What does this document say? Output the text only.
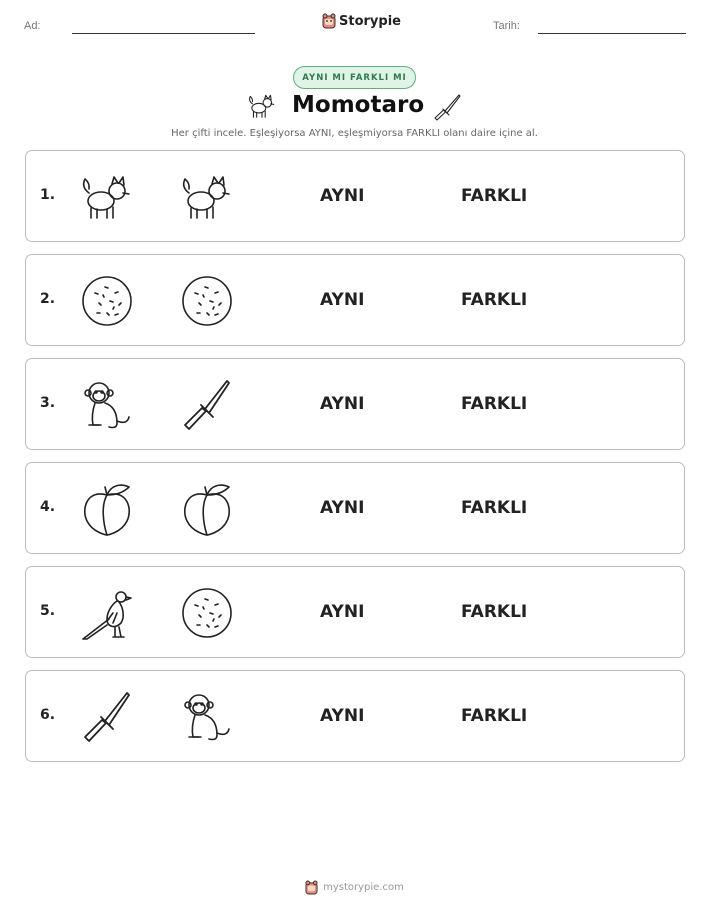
Ad:	Storypie	Tarih:
AYNI MI FARKLI MI
Momotaro
Her çifti incele. Eşleşiyorsa AYNI, eşleşmiyorsa FARKLI olanı daire içine al.
1.	AYNI	FARKLI
2.	AYNI	FARKLI
3.	AYNI	FARKLI
4.	AYNI	FARKLI
5.	AYNI	FARKLI
6.	AYNI	FARKLI
mystorypie.com
